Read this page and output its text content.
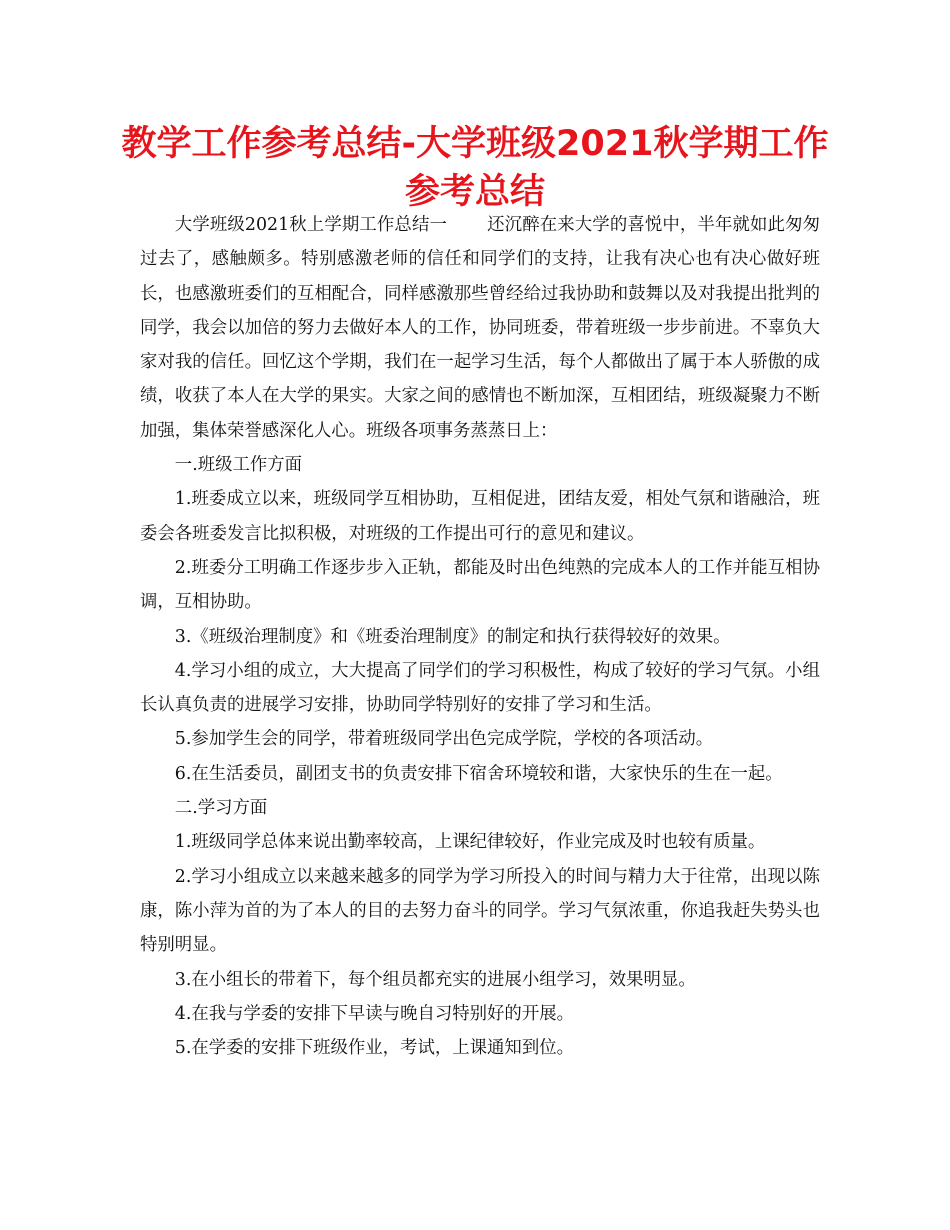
教学工作参考总结-大学班级2021秋学期工作参考总结

大学班级2021秋上学期工作总结一 还沉醉在来大学的喜悦中，半年就如此匆匆过去了，感触颇多。特别感激老师的信任和同学们的支持，让我有决心也有决心做好班长，也感激班委们的互相配合，同样感激那些曾经给过我协助和鼓舞以及对我提出批判的同学，我会以加倍的努力去做好本人的工作，协同班委，带着班级一步步前进。不辜负大家对我的信任。回忆这个学期，我们在一起学习生活，每个人都做出了属于本人骄傲的成绩，收获了本人在大学的果实。大家之间的感情也不断加深，互相团结，班级凝聚力不断加强，集体荣誉感深化人心。班级各项事务蒸蒸日上：

一.班级工作方面

1.班委成立以来，班级同学互相协助，互相促进，团结友爱，相处气氛和谐融洽，班委会各班委发言比拟积极，对班级的工作提出可行的意见和建议。

2.班委分工明确工作逐步步入正轨，都能及时出色纯熟的完成本人的工作并能互相协调，互相协助。

3.《班级治理制度》和《班委治理制度》的制定和执行获得较好的效果。

4.学习小组的成立，大大提高了同学们的学习积极性，构成了较好的学习气氛。小组长认真负责的进展学习安排，协助同学特别好的安排了学习和生活。

5.参加学生会的同学，带着班级同学出色完成学院，学校的各项活动。

6.在生活委员，副团支书的负责安排下宿舍环境较和谐，大家快乐的生在一起。

二.学习方面

1.班级同学总体来说出勤率较高，上课纪律较好，作业完成及时也较有质量。

2.学习小组成立以来越来越多的同学为学习所投入的时间与精力大于往常，出现以陈康，陈小萍为首的为了本人的目的去努力奋斗的同学。学习气氛浓重，你追我赶失势头也特别明显。

3.在小组长的带着下，每个组员都充实的进展小组学习，效果明显。

4.在我与学委的安排下早读与晚自习特别好的开展。

5.在学委的安排下班级作业，考试，上课通知到位。
